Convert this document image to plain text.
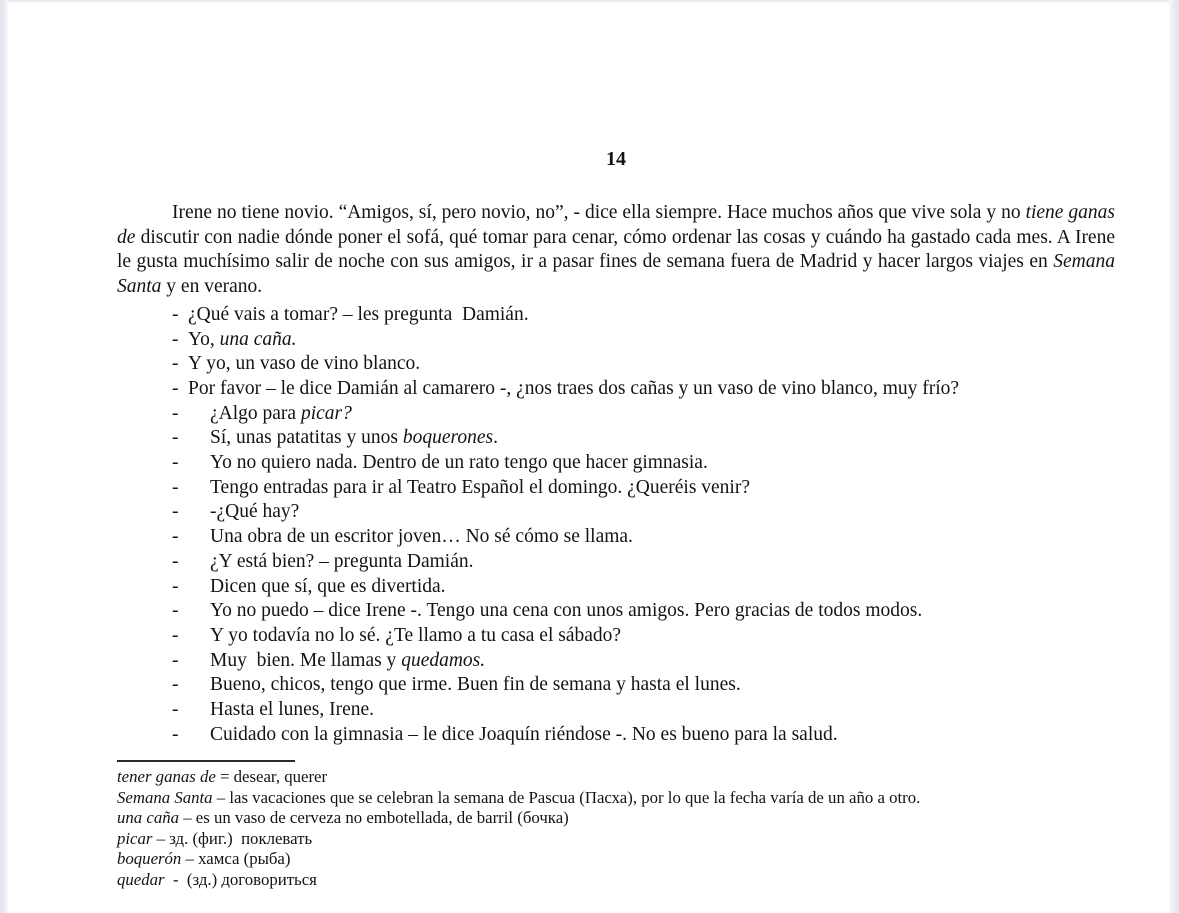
14

Irene no tiene novio. “Amigos, sí, pero novio, no”, - dice ella siempre. Hace muchos años que vive sola y no tiene ganas de discutir con nadie dónde poner el sofá, qué tomar para cenar, cómo ordenar las cosas y cuándo ha gastado cada mes. A Irene le gusta muchísimo salir de noche con sus amigos, ir a pasar fines de semana fuera de Madrid y hacer largos viajes en Semana Santa y en verano.

- ¿Qué vais a tomar? – les pregunta  Damián.
- Yo, una caña.
- Y yo, un vaso de vino blanco.
- Por favor – le dice Damián al camarero -, ¿nos traes dos cañas y un vaso de vino blanco, muy frío?
- ¿Algo para picar?
- Sí, unas patatitas y unos boquerones.
- Yo no quiero nada. Dentro de un rato tengo que hacer gimnasia.
- Tengo entradas para ir al Teatro Español el domingo. ¿Queréis venir?
- -¿Qué hay?
- Una obra de un escritor joven… No sé cómo se llama.
- ¿Y está bien? – pregunta Damián.
- Dicen que sí, que es divertida.
- Yo no puedo – dice Irene -. Tengo una cena con unos amigos. Pero gracias de todos modos.
- Y yo todavía no lo sé. ¿Te llamo a tu casa el sábado?
- Muy  bien. Me llamas y quedamos.
- Bueno, chicos, tengo que irme. Buen fin de semana y hasta el lunes.
- Hasta el lunes, Irene.
- Cuidado con la gimnasia – le dice Joaquín riéndose -. No es bueno para la salud.
tener ganas de = desear, querer
Semana Santa – las vacaciones que se celebran la semana de Pascua (Пасха), por lo que la fecha varía de un año a otro.
una caña – es un vaso de cerveza no embotellada, de barril (бочка)
picar – зд. (фиг.)  поклевать
boquerón – хамса (рыба)
quedar  -  (зд.) договориться
